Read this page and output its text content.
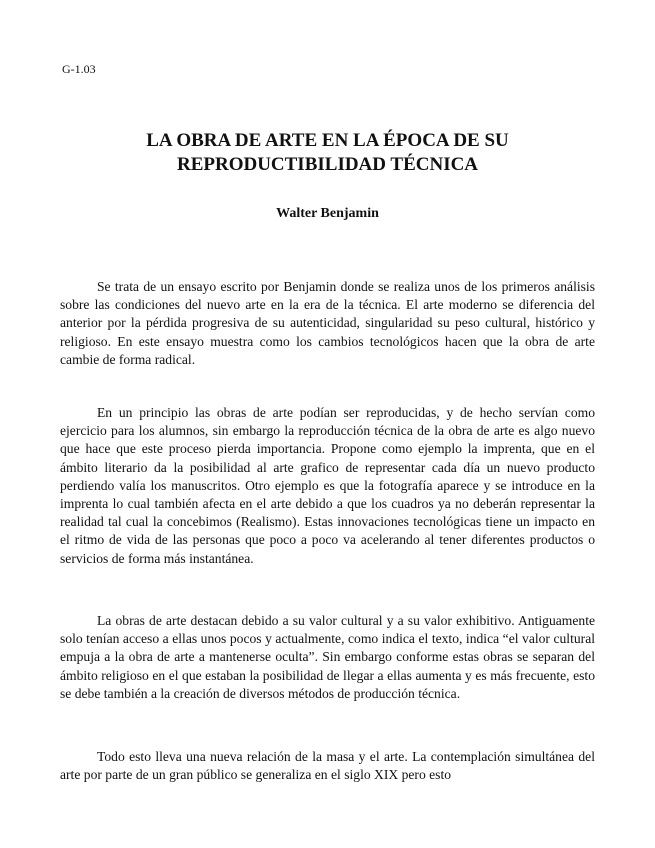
G-1.03
LA OBRA DE ARTE EN LA ÉPOCA DE SU
REPRODUCTIBILIDAD TÉCNICA
Walter Benjamin

Se trata de un ensayo escrito por Benjamin donde se realiza unos de los primeros análisis sobre las condiciones del nuevo arte en la era de la técnica. El arte moderno se diferencia del anterior por la pérdida progresiva de su autenticidad, singularidad su peso cultural, histórico y religioso. En este ensayo muestra como los cambios tecnológicos hacen que la obra de arte cambie de forma radical.

En un principio las obras de arte podían ser reproducidas, y de hecho servían como ejercicio para los alumnos, sin embargo la reproducción técnica de la obra de arte es algo nuevo que hace que este proceso pierda importancia. Propone como ejemplo la imprenta, que en el ámbito literario da la posibilidad al arte grafico de representar cada día un nuevo producto perdiendo valía los manuscritos. Otro ejemplo es que la fotografía aparece y se introduce en la imprenta lo cual también afecta en el arte debido a que los cuadros ya no deberán representar la realidad tal cual la concebimos (Realismo). Estas innovaciones tecnológicas tiene un impacto en el ritmo de vida de las personas que poco a poco va acelerando al tener diferentes productos o servicios de forma más instantánea.

La obras de arte destacan debido a su valor cultural y a su valor exhibitivo. Antiguamente solo tenían acceso a ellas unos pocos y actualmente, como indica el texto, indica “el valor cultural empuja a la obra de arte a mantenerse oculta”. Sin embargo conforme estas obras se separan del ámbito religioso en el que estaban la posibilidad de llegar a ellas aumenta y es más frecuente, esto se debe también a la creación de diversos métodos de producción técnica.

Todo esto lleva una nueva relación de la masa y el arte. La contemplación simultánea del arte por parte de un gran público se generaliza en el siglo XIX pero esto
